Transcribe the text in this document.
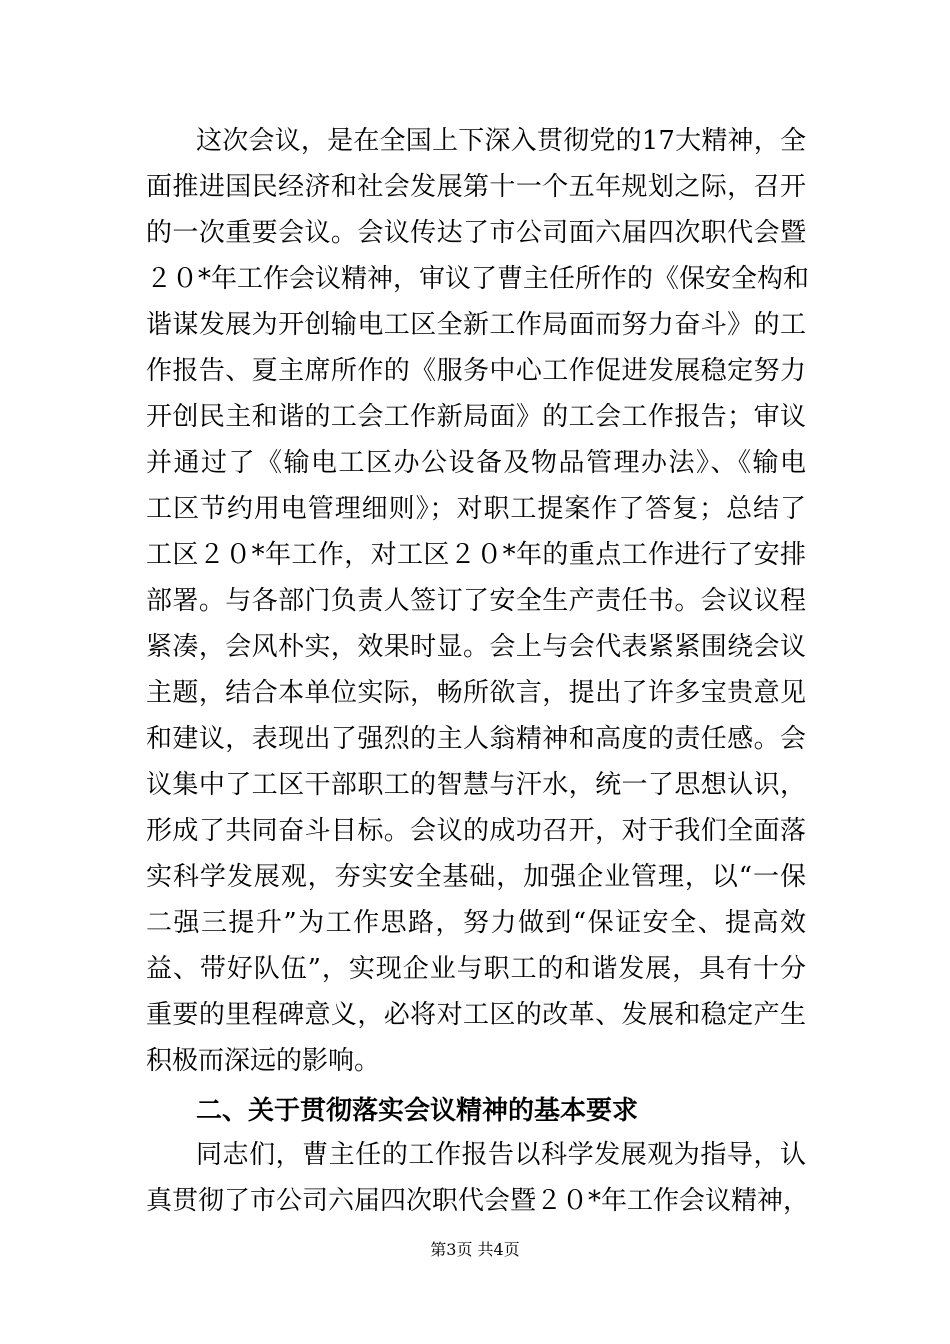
这次会议，是在全国上下深入贯彻党的17大精神，全
面推进国民经济和社会发展第十一个五年规划之际，召开
的一次重要会议。会议传达了市公司面六届四次职代会暨
２０*年工作会议精神，审议了曹主任所作的《保安全构和
谐谋发展为开创输电工区全新工作局面而努力奋斗》的工
作报告、夏主席所作的《服务中心工作促进发展稳定努力
开创民主和谐的工会工作新局面》的工会工作报告；审议
并通过了《输电工区办公设备及物品管理办法》、《输电
工区节约用电管理细则》；对职工提案作了答复；总结了
工区２０*年工作，对工区２０*年的重点工作进行了安排
部署。与各部门负责人签订了安全生产责任书。会议议程
紧凑，会风朴实，效果时显。会上与会代表紧紧围绕会议
主题，结合本单位实际，畅所欲言，提出了许多宝贵意见
和建议，表现出了强烈的主人翁精神和高度的责任感。会
议集中了工区干部职工的智慧与汗水，统一了思想认识，
形成了共同奋斗目标。会议的成功召开，对于我们全面落
实科学发展观，夯实安全基础，加强企业管理，以“一保
二强三提升”为工作思路，努力做到“保证安全、提高效
益、带好队伍”，实现企业与职工的和谐发展，具有十分
重要的里程碑意义，必将对工区的改革、发展和稳定产生
积极而深远的影响。
二、关于贯彻落实会议精神的基本要求
同志们，曹主任的工作报告以科学发展观为指导，认
真贯彻了市公司六届四次职代会暨２０*年工作会议精神，
第3页 共4页
